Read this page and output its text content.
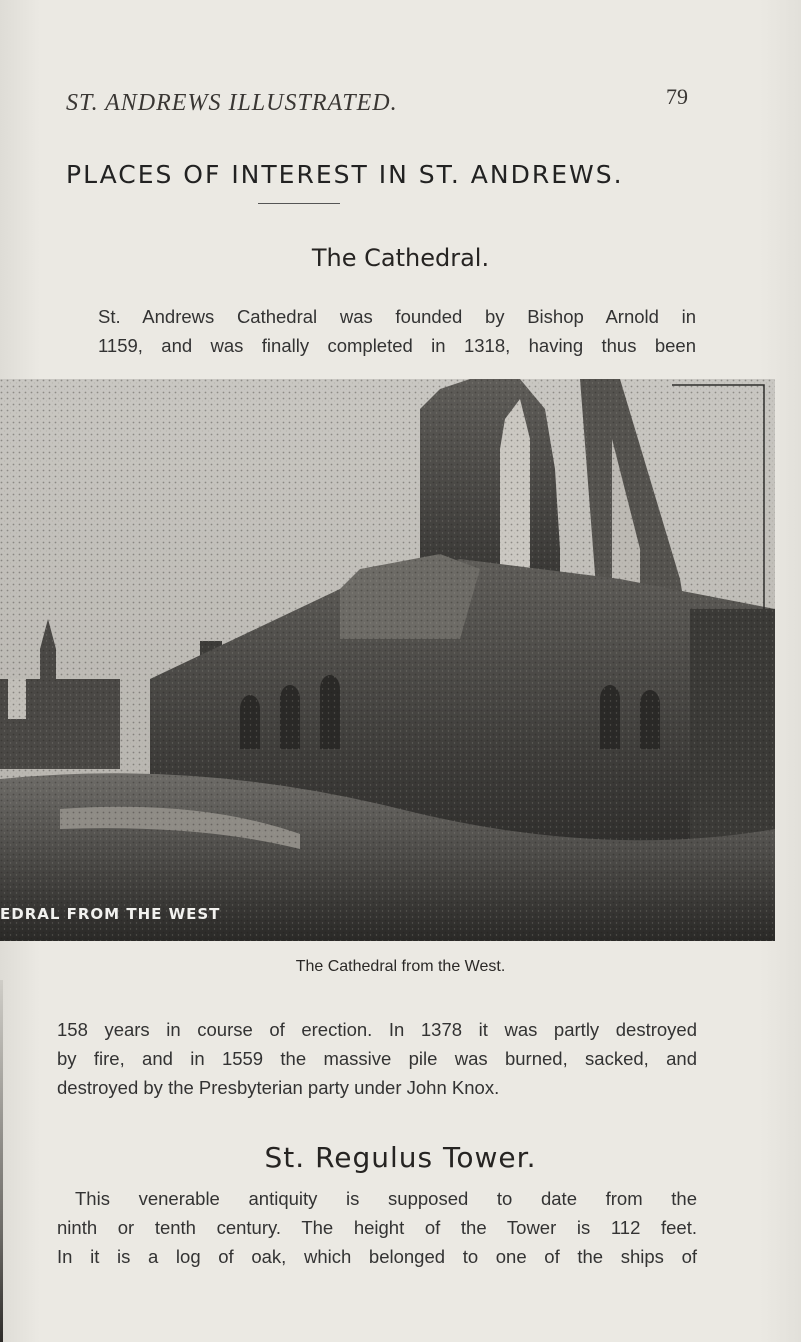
ST. ANDREWS ILLUSTRATED.	79
PLACES OF INTEREST IN ST. ANDREWS.
The Cathedral.
St. Andrews Cathedral was founded by Bishop Arnold in
1159, and was finally completed in 1318, having thus been
EDRAL FROM THE WEST
The Cathedral from the West.
158 years in course of erection. In 1378 it was partly destroyed
by fire, and in 1559 the massive pile was burned, sacked, and
destroyed by the Presbyterian party under John Knox.
St. Regulus Tower.
This venerable antiquity is supposed to date from the
ninth or tenth century. The height of the Tower is 112 feet.
In it is a log of oak, which belonged to one of the ships of
